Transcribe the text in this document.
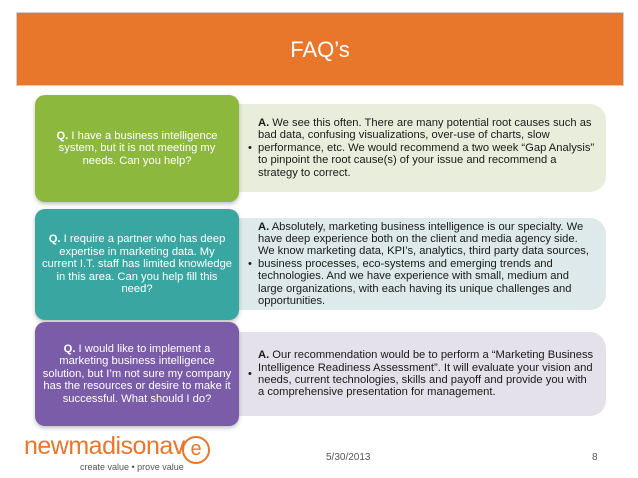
FAQ’s
•
A. We see this often. There are many potential root causes such as bad data, confusing visualizations, over-use of charts, slow performance, etc. We would recommend a two week “Gap Analysis” to pinpoint the root cause(s) of your issue and recommend a strategy to correct.
Q. I have a business intelligence system, but it is not meeting my needs. Can you help?
•
A. Absolutely, marketing business intelligence is our specialty. We have deep experience both on the client and media agency side. We know marketing data, KPI’s, analytics, third party data sources, business processes, eco-systems and emerging trends and technologies. And we have experience with small, medium and large organizations, with each having its unique challenges and opportunities.
Q. I require a partner who has deep expertise in marketing data. My current I.T. staff has limited knowledge in this area. Can you help fill this need?
•
A. Our recommendation would be to perform a “Marketing Business Intelligence Readiness Assessment”. It will evaluate your vision and needs, current technologies, skills and payoff and provide you with a comprehensive presentation for management.
Q. I would like to implement a marketing business intelligence solution, but I’m not sure my company has the resources or desire to make it successful. What should I do?
newmadisonav e
create value • prove value
5/30/2013	8
